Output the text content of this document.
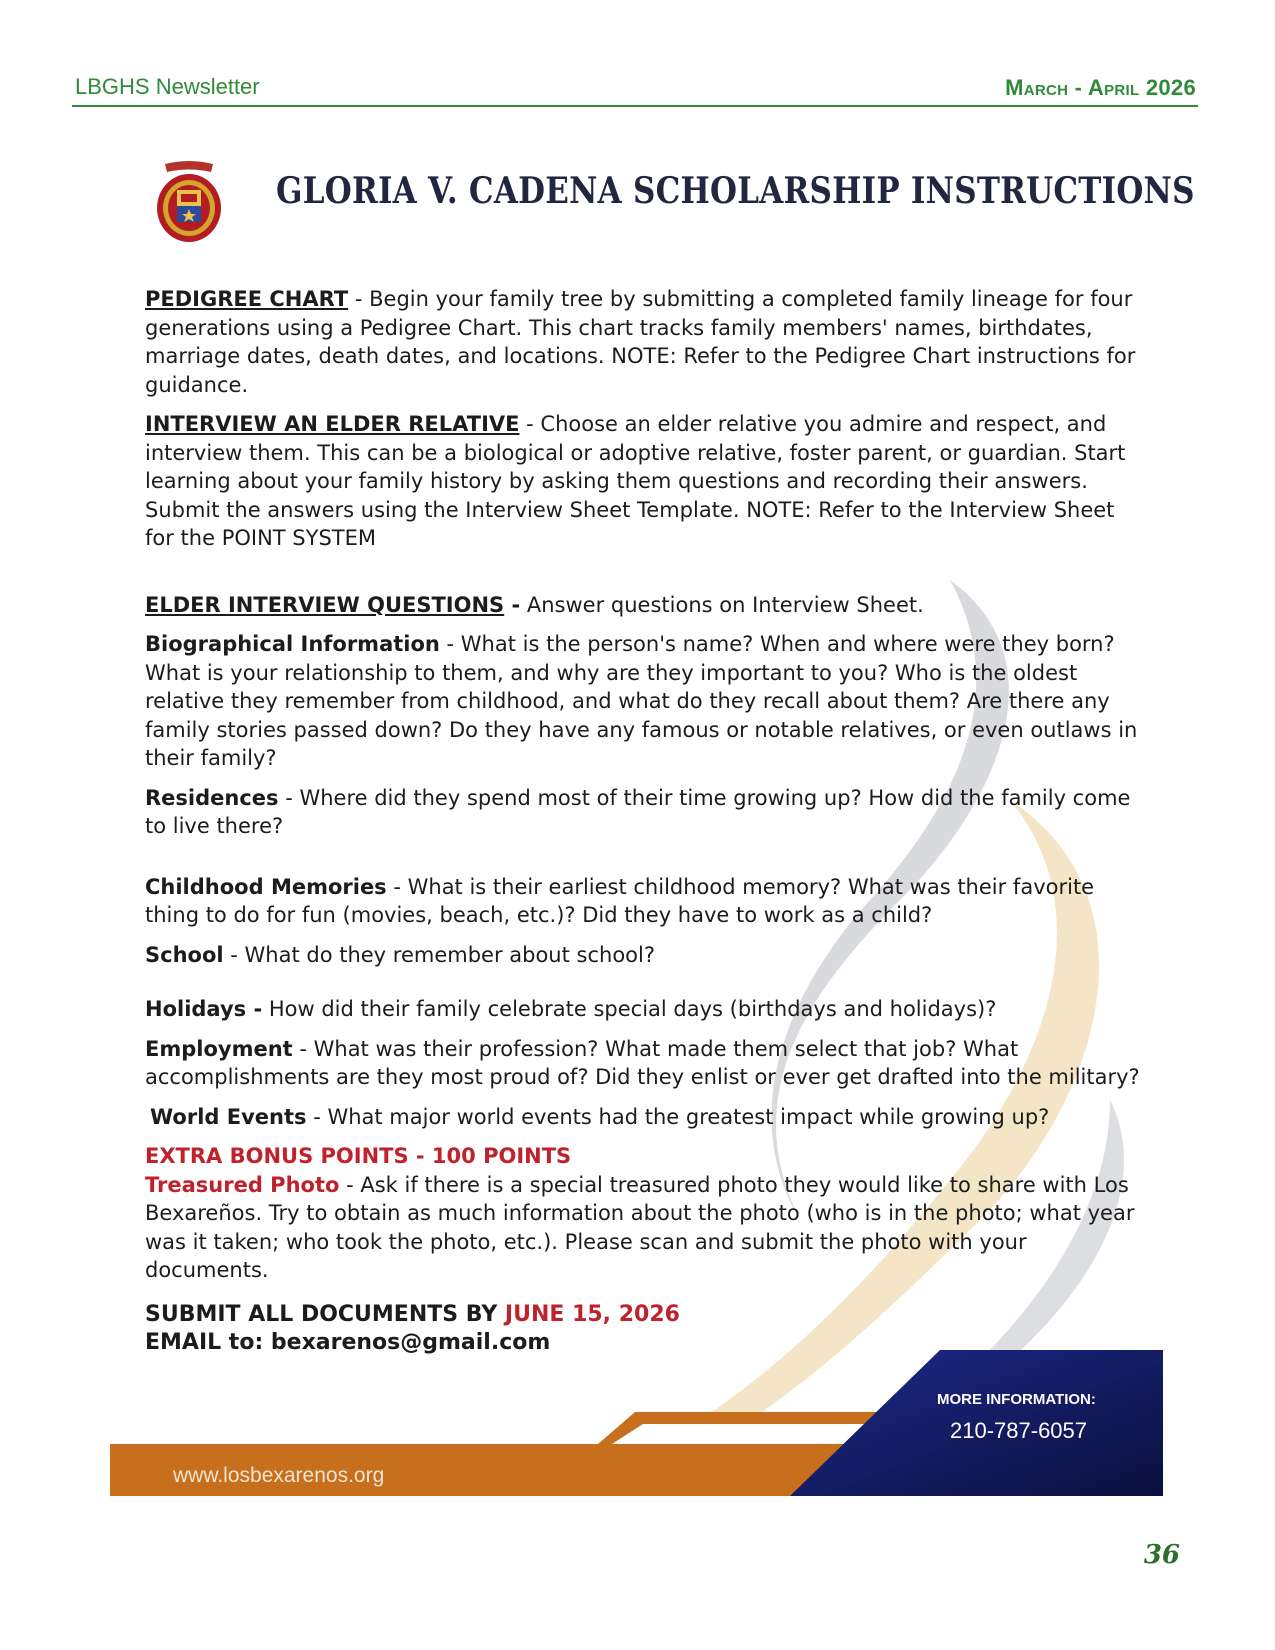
LBGHS Newsletter	March - April 2026
GLORIA V. CADENA SCHOLARSHIP INSTRUCTIONS

PEDIGREE CHART - Begin your family tree by submitting a completed family lineage for four generations using a Pedigree Chart. This chart tracks family members' names, birthdates, marriage dates, death dates, and locations. NOTE: Refer to the Pedigree Chart instructions for guidance.

INTERVIEW AN ELDER RELATIVE - Choose an elder relative you admire and respect, and interview them. This can be a biological or adoptive relative, foster parent, or guardian. Start learning about your family history by asking them questions and recording their answers. Submit the answers using the Interview Sheet Template. NOTE: Refer to the Interview Sheet for the POINT SYSTEM

ELDER INTERVIEW QUESTIONS - Answer questions on Interview Sheet.

Biographical Information - What is the person's name? When and where were they born? What is your relationship to them, and why are they important to you? Who is the oldest relative they remember from childhood, and what do they recall about them? Are there any family stories passed down? Do they have any famous or notable relatives, or even outlaws in their family?

Residences - Where did they spend most of their time growing up? How did the family come to live there?

Childhood Memories - What is their earliest childhood memory? What was their favorite thing to do for fun (movies, beach, etc.)? Did they have to work as a child?

School - What do they remember about school?

Holidays - How did their family celebrate special days (birthdays and holidays)?

Employment - What was their profession? What made them select that job? What accomplishments are they most proud of? Did they enlist or ever get drafted into the military?

World Events - What major world events had the greatest impact while growing up?

EXTRA BONUS POINTS - 100 POINTS

Treasured Photo - Ask if there is a special treasured photo they would like to share with Los Bexareños. Try to obtain as much information about the photo (who is in the photo; what year was it taken; who took the photo, etc.). Please scan and submit the photo with your documents.

SUBMIT ALL DOCUMENTS BY JUNE 15, 2026

EMAIL to: bexarenos@gmail.com

www.losbexarenos.org
MORE INFORMATION:
210-787-6057
36
